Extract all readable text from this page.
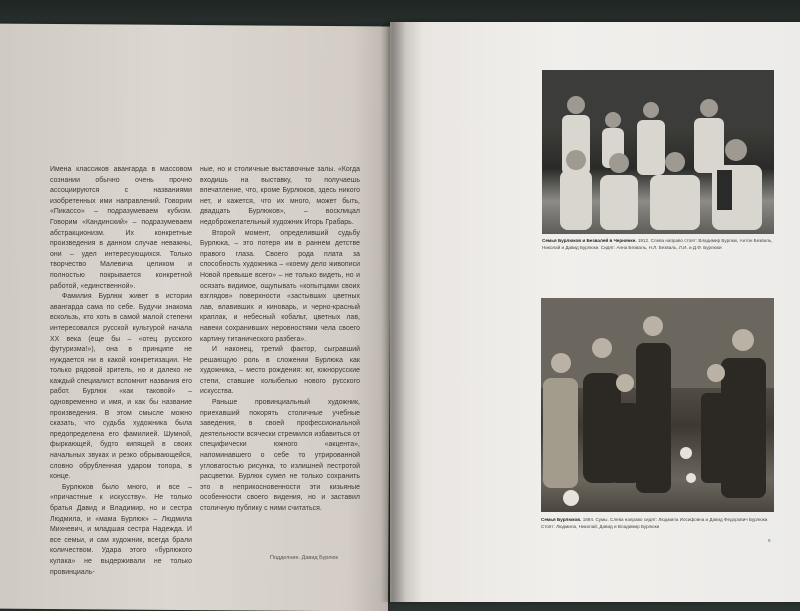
Имена классиков авангарда в массовом сознании обычно очень прочно ассоциируются с названиями изобретенных ими направлений. Говорим «Пикассо» – подразумеваем кубизм. Говорим «Кандинский» – подразумеваем абстракционизм. Их конкретные произведения в данном случае неважны, они – удел интересующихся. Только творчество Малевича целиком и полностью покрывается конкретной работой, «единственной».

Фамилия Бурлюк живет в истории авангарда сама по себе. Будучи знакома вскользь, кто хоть в самой малой степени интересовался русской культурой начала XX века (еще бы – «отец русского футуризма!»), она в принципе не нуждается ни в какой конкретизации. Не только рядовой зритель, но и далеко не каждый специалист вспомнит названия его работ. Бурлюк «как таковой» – одновременно и имя, и как бы название произведения. В этом смысле можно сказать, что судьба художника была предопределена его фамилией. Шумной, фыркающей, будто кипящей в своих начальных звуках и резко обрывающейся, словно обрубленная ударом топора, в конце.

Бурлюков было много, и все – «причастные к искусству». Не только братья Давид и Владимир, но и сестра Людмила, и «мама Бурлюк» – Людмила Михневич, и младшая сестра Надежда. И все семьи, и сам художник, всегда брали количеством. Удара этого «бурлюкого кулака» не выдерживали не только провинциаль-

ные, но и столичные выставочные залы. «Когда входишь на выставку, то получаешь впечатление, что, кроме Бурлюков, здесь никого нет, и кажется, что их много, может быть, двадцать Бурлюков», – восклицал недоброжелательный художник Игорь Грабарь.

Второй момент, определивший судьбу Бурлюка, – это потеря им в раннем детстве правого глаза. Своего рода плата за способность художника – «коему дело живописи Новой превыше всего» – не только видеть, но и осязать видимое, ощупывать «копытцами своих взглядов» поверхности «застывших цветных лав, влавивших и киноварь, и черно-красный краплак, и небесный кобальт, цветных лав, навеки сохранивших неровностями чела своего картину титанического разбега».

И наконец, третий фактор, сыгравший решающую роль в сложении Бурлюка как художника, – место рождения: юг, южнорусские степи, ставшие колыбелью нового русского искусства.

Раньше провинциальный художник, приехавший покорять столичные учебные заведения, в своей профессиональной деятельности всячески стремился избавиться от специфически южного «акцента», напоминавшего о себе то утрированной угловатостью рисунка, то излишней пестротой расцветки. Бурлюк сумел не только сохранить это в неприкосновенности эти кизьяные особенности своего видения, но и заставил столичную публику с ними считаться.

Подделние. Давид Бурлюк
Семья Бурлюков и Безвалей в Чернянке. 1912. Слева направо стоят: Владимир Бурлюк, Антон Безваль, Николай и Давид Бурлюки. Сидят: Анна Безваль, Н.Л. Безваль, Л.И. и Д.Ф. Бурлюки
Семья Бурлюков. 1894. Сумы. Слева направо сидят: Людмила Иосифовна и Давид Федорович Бурлюки. Стоят: Людмила, Николай, Давид и Владимир Бурлюки
9
